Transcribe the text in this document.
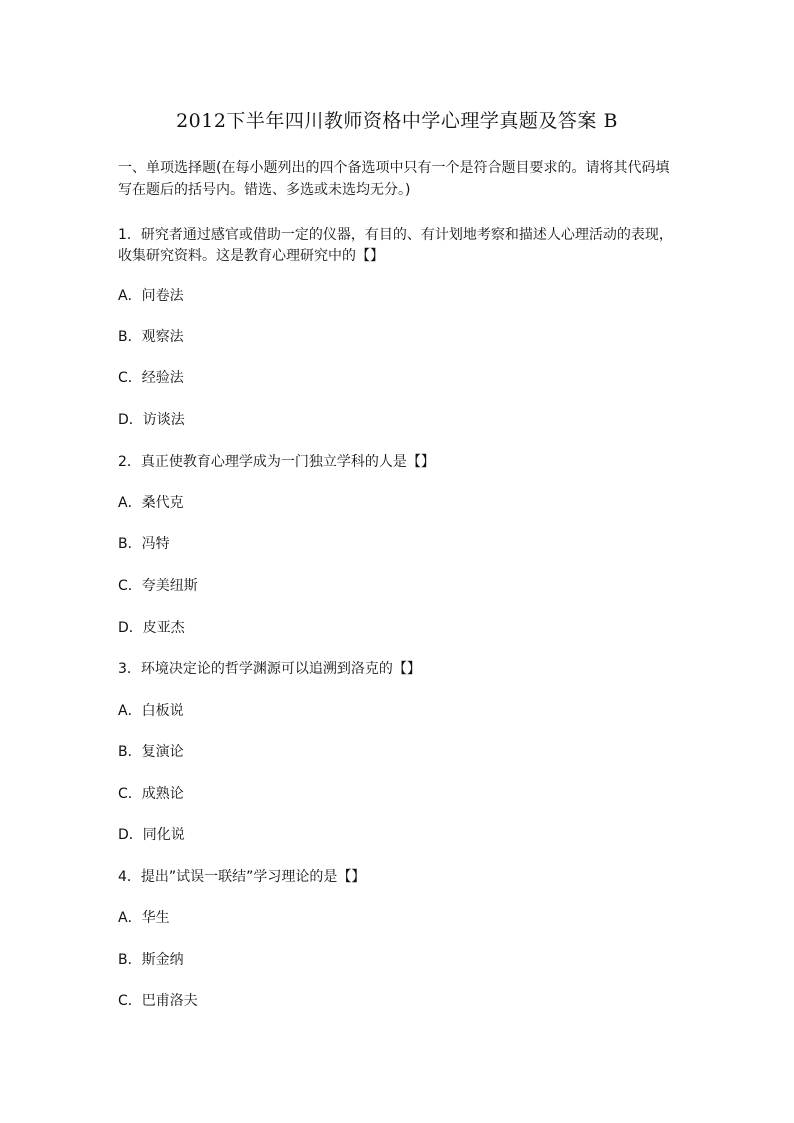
2012下半年四川教师资格中学心理学真题及答案 B
一、单项选择题(在每小题列出的四个备选项中只有一个是符合题目要求的。请将其代码填
写在题后的括号内。错选、多选或未选均无分。)
1．研究者通过感官或借助一定的仪器，有目的、有计划地考察和描述人心理活动的表现，
收集研究资料。这是教育心理研究中的【】
A．问卷法
B．观察法
C．经验法
D．访谈法
2．真正使教育心理学成为一门独立学科的人是【】
A．桑代克
B．冯特
C．夸美纽斯
D．皮亚杰
3．环境决定论的哲学渊源可以追溯到洛克的【】
A．白板说
B．复演论
C．成熟论
D．同化说
4．提出”试误一联结”学习理论的是【】
A．华生
B．斯金纳
C．巴甫洛夫
